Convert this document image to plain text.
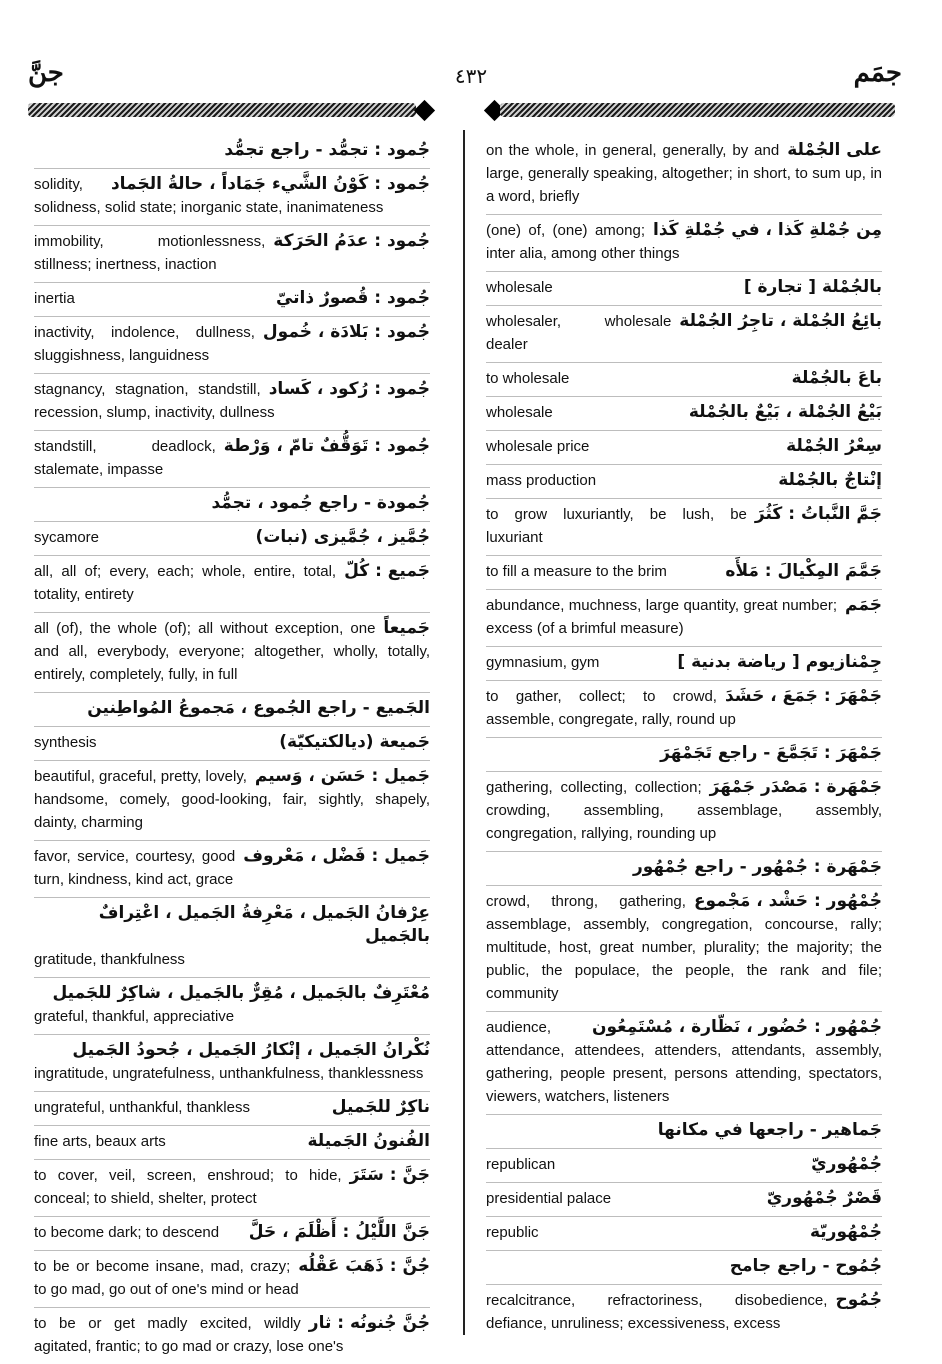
جنَّ	٤٣٢	جمَم
جُمود : تجمُّد - راجع تجمُّد
جُمود : كَوْنُ الشَّيء جَمَاداً ، حالةُ الجَماد
solidity, solidness, solid state; inorganic state, inanimateness
جُمود : عدَمُ الحَرَكة
immobility, motionlessness, stillness; inertness, inaction
جُمود : قُصورٌ ذاتيّ
inertia
جُمود : بَلادَة ، خُمول
inactivity, indolence, dullness, sluggishness, languidness
جُمود : رُكود ، كَساد
stagnancy, stagnation, standstill, recession, slump, inactivity, dullness
جُمود : تَوَقُّفٌ تامّ ، وَرْطة
standstill, deadlock, stalemate, impasse
جُمودة - راجع جُمود ، تجمُّد
جُمَّيز ، جُمَّيزى (نبات)
sycamore
جَميع : كُلّ
all, all of; every, each; whole, entire, total, totality, entirety
جَميعاً
all (of), the whole (of); all without exception, one and all, everybody, everyone; altogether, wholly, totally, entirely, completely, fully, in full
الجَميع - راجع الجُموع ، مَجموعُ المُواطِنين
جَميعة (ديالكتيكيّة)
synthesis
جَميل : حَسَن ، وَسيم
beautiful, graceful, pretty, lovely, handsome, comely, good-looking, fair, sightly, shapely, dainty, charming
جَميل : فَضْل ، مَعْروف
favor, service, courtesy, good turn, kindness, kind act, grace
عِرْفانُ الجَميل ، مَعْرِفةُ الجَميل ، اعْتِرافٌ بالجَميل
gratitude, thankfulness
مُعْتَرِفٌ بالجَميل ، مُقِرٌّ بالجَميل ، شاكِرٌ للجَميل
grateful, thankful, appreciative
نُكْرانُ الجَميل ، إنْكارُ الجَميل ، جُحودُ الجَميل
ingratitude, ungratefulness, unthankfulness, thanklessness
ناكِرٌ للجَميل
ungrateful, unthankful, thankless
الفُنونُ الجَميلة
fine arts, beaux arts
جَنَّ : سَتَرَ
to cover, veil, screen, enshroud; to hide, conceal; to shield, shelter, protect
جَنَّ اللَّيْلُ : أَظْلَمَ ، حَلَّ
to become dark; to descend
جُنَّ : ذَهَبَ عَقْلُه
to be or become insane, mad, crazy; to go mad, go out of one's mind or head
جُنَّ جُنونُه : ثار
to be or get madly excited, wildly agitated, frantic; to go mad or crazy, lose one's
على الجُمْلة
on the whole, in general, generally, by and large, generally speaking, altogether; in short, to sum up, in a word, briefly
مِن جُمْلةِ كَذا ، في جُمْلةِ كَذا
(one) of, (one) among; inter alia, among other things
بالجُمْلة [ تجارة ]
wholesale
بائِعُ الجُمْلة ، تاجِرُ الجُمْلة
wholesaler, wholesale dealer
باعَ بالجُمْلة
to wholesale
بَيْعُ الجُمْلة ، بَيْعٌ بالجُمْلة
wholesale
سِعْرُ الجُمْلة
wholesale price
إنْتاجٌ بالجُمْلة
mass production
جَمَّ النَّباتُ : كَثُرَ
to grow luxuriantly, be lush, be luxuriant
جَمَّمَ المِكْيالَ : مَلأَه
to fill a measure to the brim
جَمَم
abundance, muchness, large quantity, great number; excess (of a brimful measure)
جِمْنازيوم [ رياضة بدنية ]
gymnasium, gym
جَمْهَرَ : جَمَعَ ، حَشَدَ
to gather, collect; to crowd, assemble, congregate, rally, round up
جَمْهَرَ : تَجَمَّعَ - راجع تَجَمْهَرَ
جَمْهَرة : مَصْدَر جَمْهَرَ
gathering, collecting, collection; crowding, assembling, assemblage, assembly, congregation, rallying, rounding up
جَمْهَرة : جُمْهُور - راجع جُمْهُور
جُمْهُور : حَشْد ، مَجْموع
crowd, throng, gathering, assemblage, assembly, congregation, concourse, rally; multitude, host, great number, plurality; the majority; the public, the populace, the people, the rank and file; community
جُمْهُور : حُضُور ، نَظّارة ، مُسْتَمِعُون
audience, attendance, attendees, attenders, attendants, assembly, gathering, people present, persons attending, spectators, viewers, watchers, listeners
جَماهير - راجعها في مكانها
جُمْهُوريّ
republican
قَصْرٌ جُمْهُوريّ
presidential palace
جُمْهُوريّة
republic
جُمُوح - راجع جامح
جُمُوح
recalcitrance, refractoriness, disobedience, defiance, unruliness; excessiveness, excess
